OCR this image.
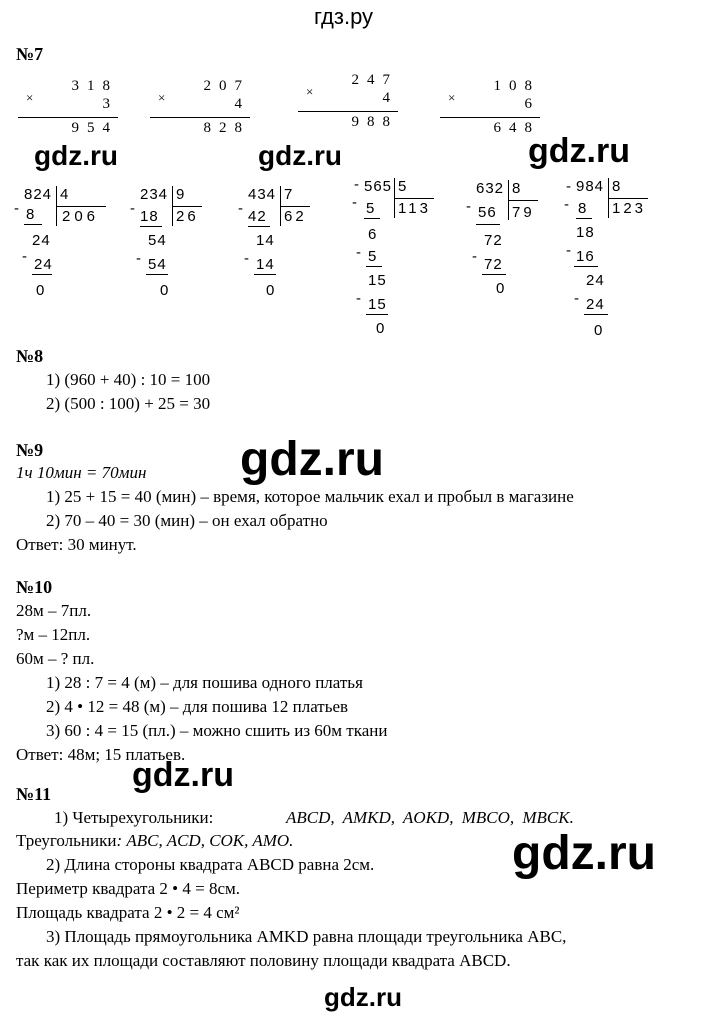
гдз.ру
gdz.ru	gdz.ru	gdz.ru
gdz.ru
gdz.ru
gdz.ru
gdz.ru
№7
×
318
3
954
×
207
4
828
×
247
4
988
×
108
6
648
824 4
206
- 8
24
- 24
0
234 9
26
- 18
54
- 54
0
434 7
62
- 42
14
- 14
0
- 565 5
113
- 5
6
- 5
15
- 15
0
632 8
79
- 56
72
- 72
0
- 984 8
123
- 8
18
- 16
24
- 24
0
№8
1) (960 + 40) : 10 = 100
2) (500 : 100) + 25 = 30
№9
1ч 10мин = 70мин
1) 25 + 15 = 40 (мин) – время, которое мальчик ехал и пробыл в магазине
2) 70 – 40 = 30 (мин) – он ехал обратно
Ответ: 30 минут.
№10
28м – 7пл.
?м – 12пл.
60м – ? пл.
1) 28 : 7 = 4 (м) – для пошива одного платья
2) 4 • 12 = 48 (м) – для пошива 12 платьев
3) 60 : 4 = 15 (пл.) – можно сшить из 60м ткани
Ответ: 48м; 15 платьев.
№11
1) Четырехугольники:	ABCD, AMKD, AOKD, MBCO, MBCK.
Треугольники: ABC, ACD, COK, AMO.
2) Длина стороны квадрата ABCD равна 2см.
Периметр квадрата 2 • 4 = 8см.
Площадь квадрата 2 • 2 = 4 см²
3) Площадь прямоугольника AMKD равна площади треугольника ABC,
так как их площади составляют половину площади квадрата ABCD.
